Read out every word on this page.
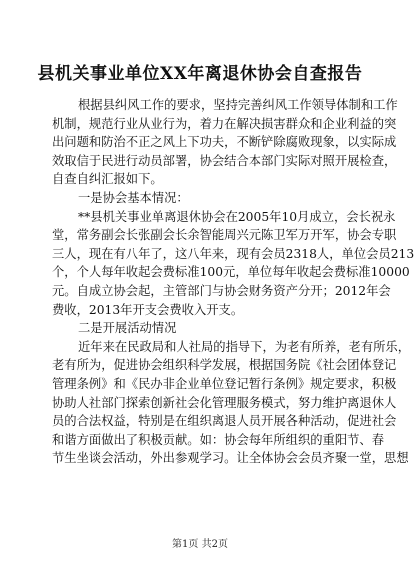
县机关事业单位XX年离退休协会自查报告
根据县纠风工作的要求，坚持完善纠风工作领导体制和工作
机制，规范行业从业行为，着力在解决损害群众和企业利益的突
出问题和防治不正之风上下功夫，不断铲除腐败现象，以实际成
效取信于民进行动员部署，协会结合本部门实际对照开展检查，
自查自纠汇报如下。
一是协会基本情况：
**县机关事业单离退休协会在2005年10月成立，会长祝永
堂，常务副会长张副会长余智能周兴元陈卫军万开军，协会专职
三人，现在有八年了，这八年来，现有会员2318人，单位会员213
个，个人每年收起会费标准100元，单位每年收起会费标准10000
元。自成立协会起，主管部门与协会财务资产分开；2012年会
费收，2013年开支会费收入开支。
二是开展活动情况
近年来在民政局和人社局的指导下，为老有所养，老有所乐，
老有所为，促进协会组织科学发展，根据国务院《社会团体登记
管理条例》和《民办非企业单位登记暂行条例》规定要求，积极
协助人社部门探索创新社会化管理服务模式，努力维护离退休人
员的合法权益，特别是在组织离退人员开展各种活动，促进社会
和谐方面做出了积极贡献。如：协会每年所组织的重阳节、春
节生坐谈会活动，外出参观学习。让全体协会会员齐聚一堂，思想
第1页 共2页
